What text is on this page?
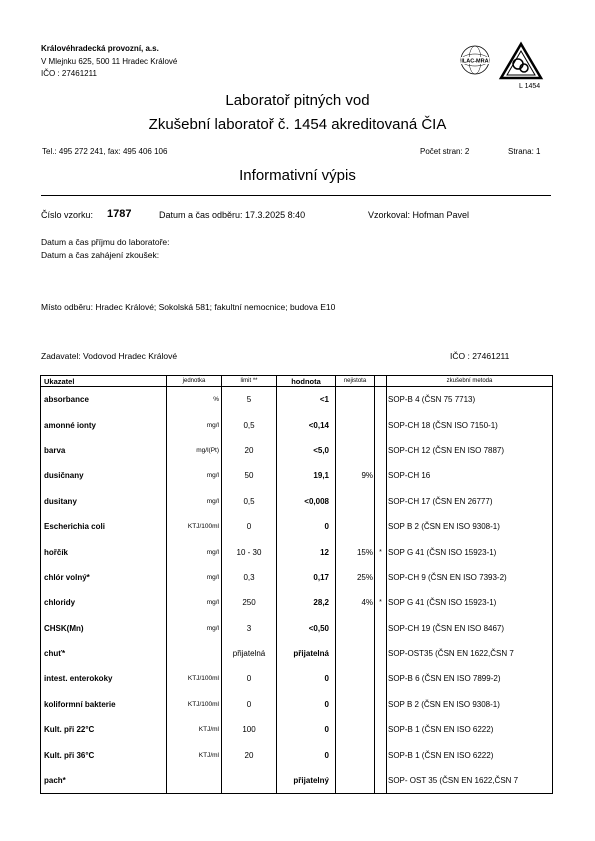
Královéhradecká provozní, a.s.
V Mlejnku 625, 500 11 Hradec Králové
IČO : 27461211
ILAC-MRA
L 1454
Laboratoř pitných vod
Zkušební laboratoř č. 1454 akreditovaná ČIA
Tel.: 495 272 241, fax: 495 406 106	Počet stran: 2	Strana: 1
Informativní výpis
Číslo vzorku: 1787	Datum a čas odběru: 17.3.2025 8:40	Vzorkoval: Hofman Pavel
Datum a čas příjmu do laboratoře:
Datum a čas zahájení zkoušek:
Místo odběru: Hradec Králové; Sokolská 581; fakultní nemocnice; budova E10
Zadavatel: Vodovod Hradec Králové	IČO : 27461211
Ukazatel	jednotka	limit **	hodnota	nejistota		zkušební metoda
absorbance	%	5	<1			SOP-B 4 (ČSN 75 7713)
amonné ionty	mg/l	0,5	<0,14			SOP-CH 18 (ČSN ISO 7150-1)
barva	mg/l(Pt)	20	<5,0			SOP-CH 12 (ČSN EN ISO 7887)
dusičnany	mg/l	50	19,1	9%		SOP-CH 16
dusitany	mg/l	0,5	<0,008			SOP-CH 17 (ČSN EN 26777)
Escherichia coli	KTJ/100ml	0	0			SOP B 2 (ČSN EN ISO 9308-1)
hořčík	mg/l	10 - 30	12	15%	*	SOP G 41 (ČSN ISO 15923-1)
chlór volný*	mg/l	0,3	0,17	25%		SOP-CH 9 (ČSN EN ISO 7393-2)
chloridy	mg/l	250	28,2	4%	*	SOP G 41 (ČSN ISO 15923-1)
CHSK(Mn)	mg/l	3	<0,50			SOP-CH 19 (ČSN EN ISO 8467)
chuť*		přijatelná	přijatelná			SOP-OST35 (ČSN EN 1622,ČSN 7
intest. enterokoky	KTJ/100ml	0	0			SOP-B 6 (ČSN EN ISO 7899-2)
koliformní bakterie	KTJ/100ml	0	0			SOP B 2 (ČSN EN ISO 9308-1)
Kult. při 22°C	KTJ/ml	100	0			SOP-B 1 (ČSN EN ISO 6222)
Kult. při 36°C	KTJ/ml	20	0			SOP-B 1 (ČSN EN ISO 6222)
pach*			přijatelný			SOP- OST 35 (ČSN EN 1622,ČSN 7
